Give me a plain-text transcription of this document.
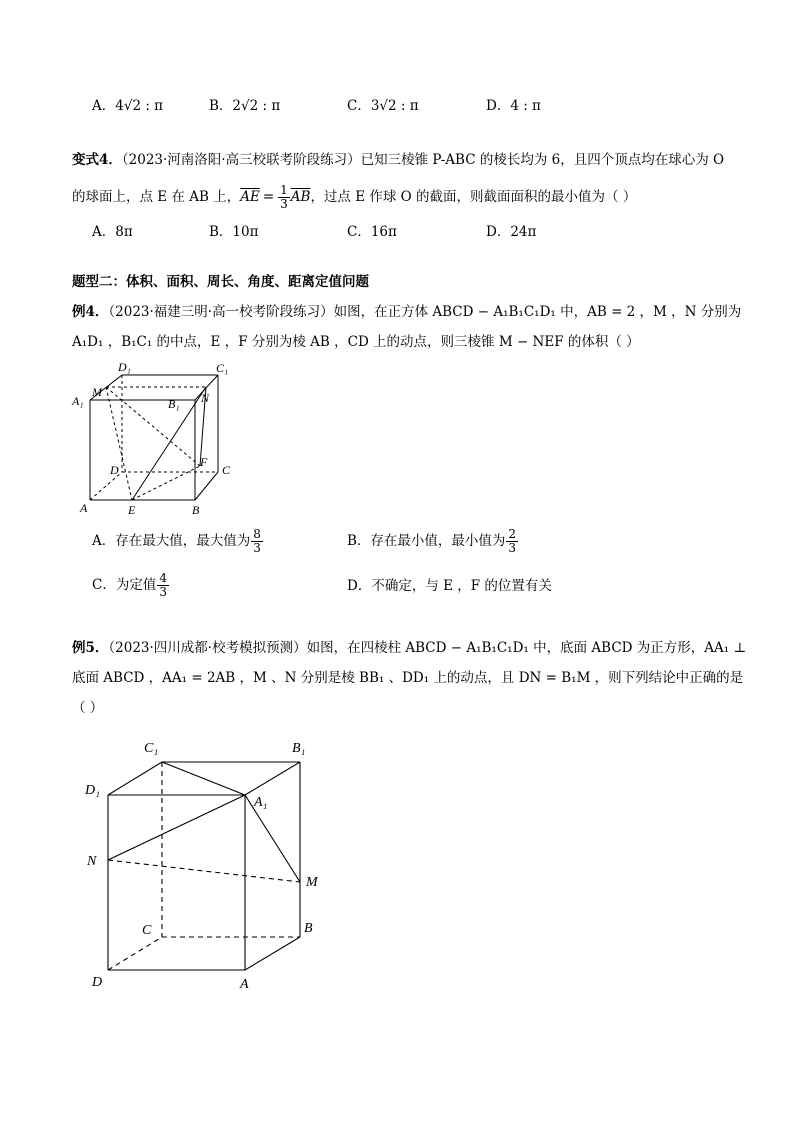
A．4√2 : π	B．2√2 : π	C．3√2 : π	D．4 : π
变式4．（2023·河南洛阳·高三校联考阶段练习）已知三棱锥 P-ABC 的棱长均为 6，且四个顶点均在球心为 O
的球面上，点 E 在 AB 上， $\overline{AE} = \frac{1}{3} \overline{AB}$ ，过点 E 作球 O 的截面，则截面面积的最小值为（ ）
A．8π	B．10π	C．16π	D．24π
题型二：体积、面积、周长、角度、距离定值问题
例4．（2023·福建三明·高一校考阶段练习）如图，在正方体 ABCD − A₁B₁C₁D₁ 中，AB = 2 ，M ，N 分别为
A₁D₁ ，B₁C₁ 的中点，E ，F 分别为棱 AB ，CD 上的动点，则三棱锥 M − NEF 的体积（ ）
D₁	C₁
M
B₁ N
A₁
D
F
C
A	E	B
A．存在最大值，最大值为 $\frac{8}{3}$	B．存在最小值，最小值为 $\frac{2}{3}$
C．为定值 $\frac{4}{3}$	D．不确定，与 E ，F 的位置有关
例5．（2023·四川成都·校考模拟预测）如图，在四棱柱 ABCD − A₁B₁C₁D₁ 中，底面 ABCD 为正方形，AA₁ ⊥
底面 ABCD ，AA₁ = 2AB ，M 、N 分别是棱 BB₁ 、DD₁ 上的动点，且 DN = B₁M ，则下列结论中正确的是
（ ）
C₁	B₁
D₁
A₁
N
M
C	B
D	A
